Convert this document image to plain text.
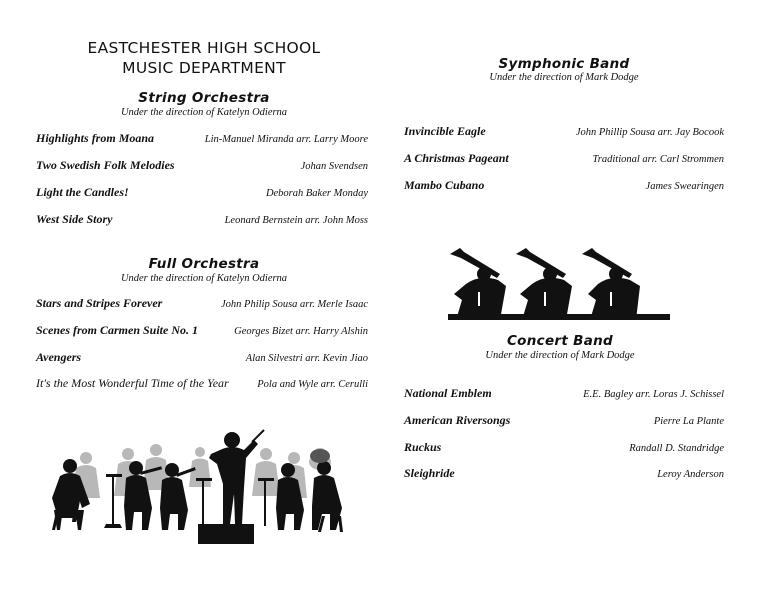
EASTCHESTER HIGH SCHOOL
MUSIC DEPARTMENT
String Orchestra
Under the direction of Katelyn Odierna
Highlights from Moana	Lin-Manuel Miranda arr. Larry Moore
Two Swedish Folk Melodies	Johan Svendsen
Light the Candles!	Deborah Baker Monday
West Side Story	Leonard Bernstein arr. John Moss
Full Orchestra
Under the direction of Katelyn Odierna
Stars and Stripes Forever	John Philip Sousa arr. Merle Isaac
Scenes from Carmen Suite No. 1	Georges Bizet arr. Harry Alshin
Avengers	Alan Silvestri arr. Kevin Jiao
It's the Most Wonderful Time of the Year	Pola and Wyle arr. Cerulli
Symphonic Band
Under the direction of Mark Dodge
Invincible Eagle	John Phillip Sousa arr. Jay Bocook
A Christmas Pageant	Traditional arr. Carl Strommen
Mambo Cubano	James Swearingen
Concert Band
Under the direction of Mark Dodge
National Emblem	E.E. Bagley arr. Loras J. Schissel
American Riversongs	Pierre La Plante
Ruckus	Randall D. Standridge
Sleighride	Leroy Anderson
